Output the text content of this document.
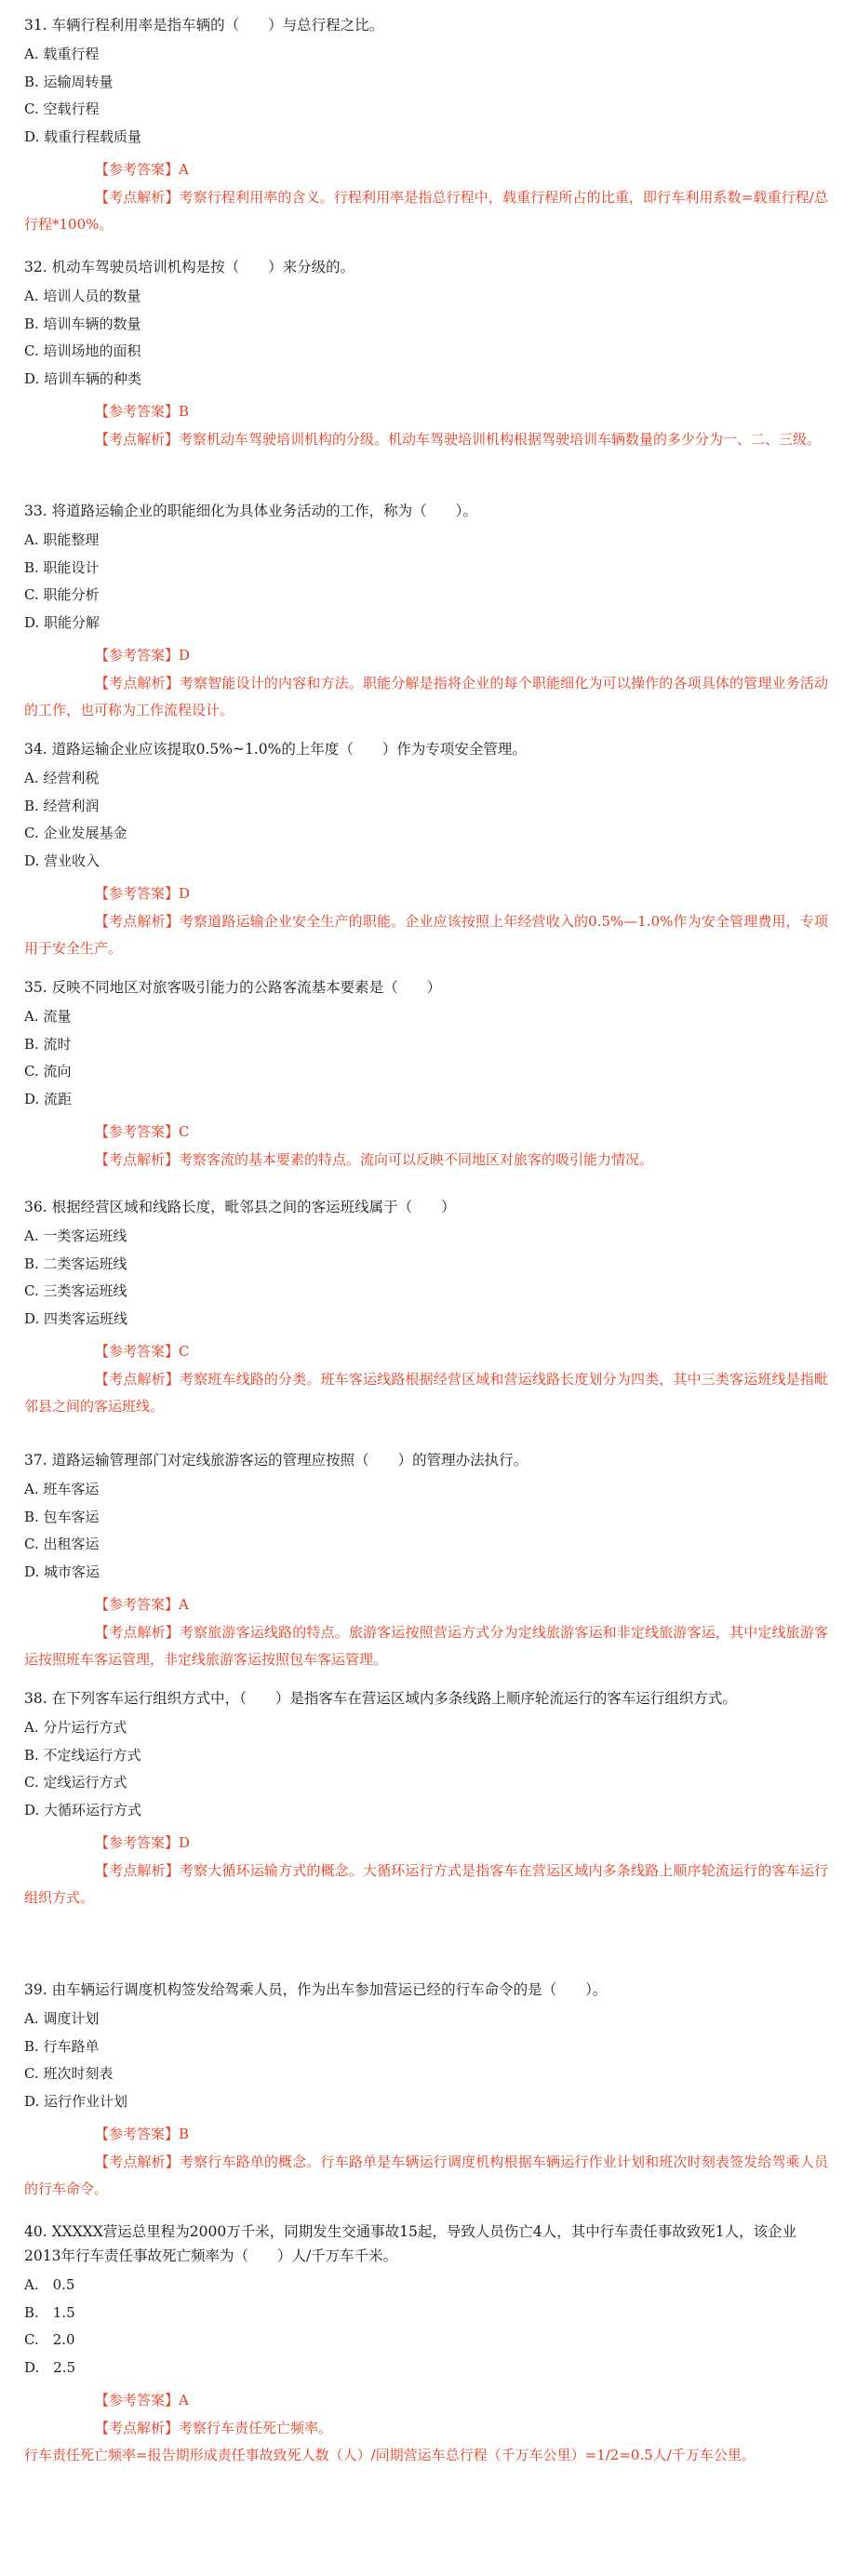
31. 车辆行程利用率是指车辆的（　　）与总行程之比。

A. 载重行程
B. 运输周转量
C. 空载行程
D. 载重行程载质量

【参考答案】A

【考点解析】考察行程利用率的含义。行程利用率是指总行程中，载重行程所占的比重，即行车利用系数=载重行程/总行程*100%。

32. 机动车驾驶员培训机构是按（　　）来分级的。

A. 培训人员的数量
B. 培训车辆的数量
C. 培训场地的面积
D. 培训车辆的种类

【参考答案】B

【考点解析】考察机动车驾驶培训机构的分级。机动车驾驶培训机构根据驾驶培训车辆数量的多少分为一、二、三级。

33. 将道路运输企业的职能细化为具体业务活动的工作，称为（　　）。

A. 职能整理
B. 职能设计
C. 职能分析
D. 职能分解

【参考答案】D

【考点解析】考察智能设计的内容和方法。职能分解是指将企业的每个职能细化为可以操作的各项具体的管理业务活动的工作，也可称为工作流程设计。

34. 道路运输企业应该提取0.5%~1.0%的上年度（　　）作为专项安全管理。

A. 经营利税
B. 经营利润
C. 企业发展基金
D. 营业收入

【参考答案】D

【考点解析】考察道路运输企业安全生产的职能。企业应该按照上年经营收入的0.5%—1.0%作为安全管理费用，专项用于安全生产。

35. 反映不同地区对旅客吸引能力的公路客流基本要素是（　　）

A. 流量
B. 流时
C. 流向
D. 流距

【参考答案】C

【考点解析】考察客流的基本要素的特点。流向可以反映不同地区对旅客的吸引能力情况。

36. 根据经营区域和线路长度，毗邻县之间的客运班线属于（　　）

A. 一类客运班线
B. 二类客运班线
C. 三类客运班线
D. 四类客运班线

【参考答案】C

【考点解析】考察班车线路的分类。班车客运线路根据经营区域和营运线路长度划分为四类，其中三类客运班线是指毗邻县之间的客运班线。

37. 道路运输管理部门对定线旅游客运的管理应按照（　　）的管理办法执行。

A. 班车客运
B. 包车客运
C. 出租客运
D. 城市客运

【参考答案】A

【考点解析】考察旅游客运线路的特点。旅游客运按照营运方式分为定线旅游客运和非定线旅游客运，其中定线旅游客运按照班车客运管理，非定线旅游客运按照包车客运管理。

38. 在下列客车运行组织方式中，（　　）是指客车在营运区域内多条线路上顺序轮流运行的客车运行组织方式。

A. 分片运行方式
B. 不定线运行方式
C. 定线运行方式
D. 大循环运行方式

【参考答案】D

【考点解析】考察大循环运输方式的概念。大循环运行方式是指客车在营运区域内多条线路上顺序轮流运行的客车运行组织方式。

39. 由车辆运行调度机构签发给驾乘人员，作为出车参加营运已经的行车命令的是（　　）。

A. 调度计划
B. 行车路单
C. 班次时刻表
D. 运行作业计划

【参考答案】B

【考点解析】考察行车路单的概念。行车路单是车辆运行调度机构根据车辆运行作业计划和班次时刻表签发给驾乘人员的行车命令。

40. XXXXX营运总里程为2000万千米，同期发生交通事故15起，导致人员伤亡4人，其中行车责任事故致死1人，该企业2013年行车责任事故死亡频率为（　　）人/千万车千米。

A.　0.5
B.　1.5
C.　2.0
D.　2.5

【参考答案】A

【考点解析】考察行车责任死亡频率。

行车责任死亡频率=报告期形成责任事故致死人数（人）/同期营运车总行程（千万车公里）=1/2=0.5人/千万车公里。
